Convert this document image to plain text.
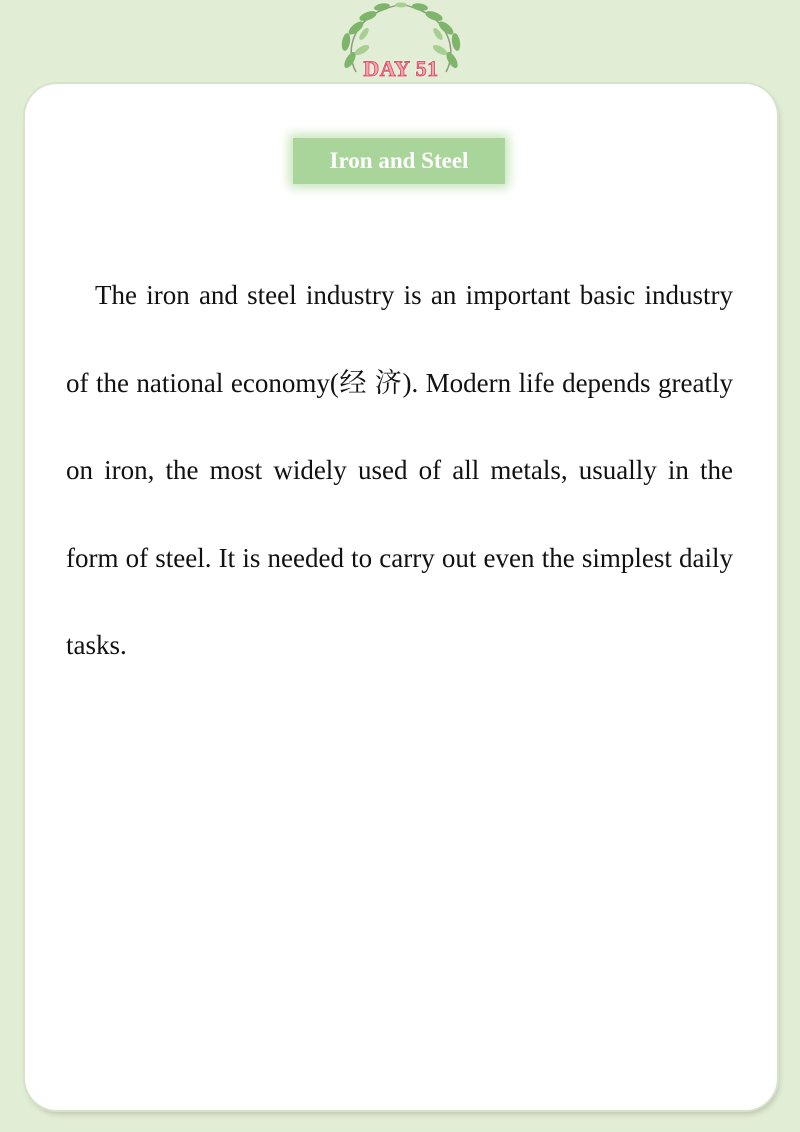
DAY 51
Iron and Steel

The iron and steel industry is an important basic industry of the national economy(经 济). Modern life depends greatly on iron, the most widely used of all metals, usually in the form of steel. It is needed to carry out even the simplest daily tasks.
